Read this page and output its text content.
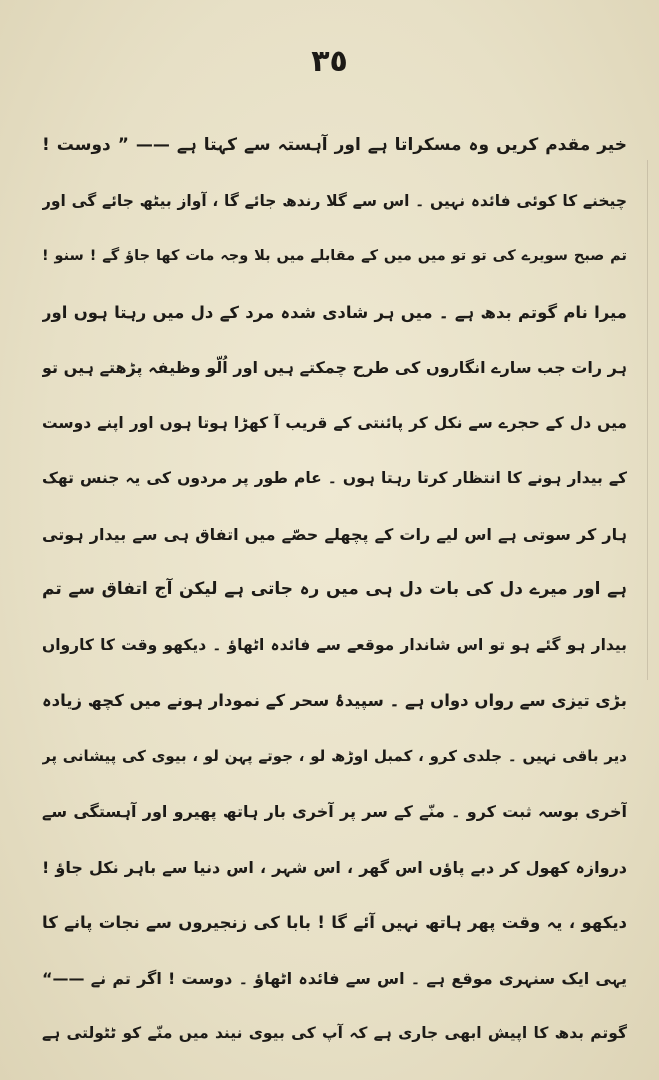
٣٥
خیر مقدم کریں وہ مسکراتا ہے اور آہستہ سے کہتا ہے —— ” دوست !
چیخنے کا کوئی فائدہ نہیں ۔ اس سے گلا رندھ جائے گا ، آواز بیٹھ جائے گی اور
تم صبح سویرے کی تو تو میں میں کے مقابلے میں بلا وجہ مات کھا جاؤ گے ! سنو !
میرا نام گوتم بدھ ہے ۔ میں ہر شادی شدہ مرد کے دل میں رہتا ہوں اور
ہر رات جب سارے انگاروں کی طرح چمکتے ہیں اور اُلّو وظیفہ پڑھتے ہیں تو
میں دل کے حجرے سے نکل کر پائنتی کے قریب آ کھڑا ہوتا ہوں اور اپنے دوست
کے بیدار ہونے کا انتظار کرتا رہتا ہوں ۔ عام طور پر مردوں کی یہ جنس تھک
ہار کر سوتی ہے اس لیے رات کے پچھلے حصّے میں اتفاق ہی سے بیدار ہوتی
ہے اور میرے دل کی بات دل ہی میں رہ جاتی ہے لیکن آج اتفاق سے تم
بیدار ہو گئے ہو تو اس شاندار موقعے سے فائدہ اٹھاؤ ۔ دیکھو وقت کا کارواں
بڑی تیزی سے رواں دواں ہے ۔ سپیدۂ سحر کے نمودار ہونے میں کچھ زیادہ
دیر باقی نہیں ۔ جلدی کرو ، کمبل اوڑھ لو ، جوتے پہن لو ، بیوی کی پیشانی پر
آخری بوسہ ثبت کرو ۔ منّے کے سر پر آخری بار ہاتھ پھیرو اور آہستگی سے
دروازہ کھول کر دبے پاؤں اس گھر ، اس شہر ، اس دنیا سے باہر نکل جاؤ !
دیکھو ، یہ وقت پھر ہاتھ نہیں آئے گا ! بابا کی زنجیروں سے نجات پانے کا
یہی ایک سنہری موقع ہے ۔ اس سے فائدہ اٹھاؤ ۔ دوست ! اگر تم نے ——“
گوتم بدھ کا اپیش ابھی جاری ہے کہ آپ کی بیوی نیند میں منّے کو ٹٹولتی ہے
